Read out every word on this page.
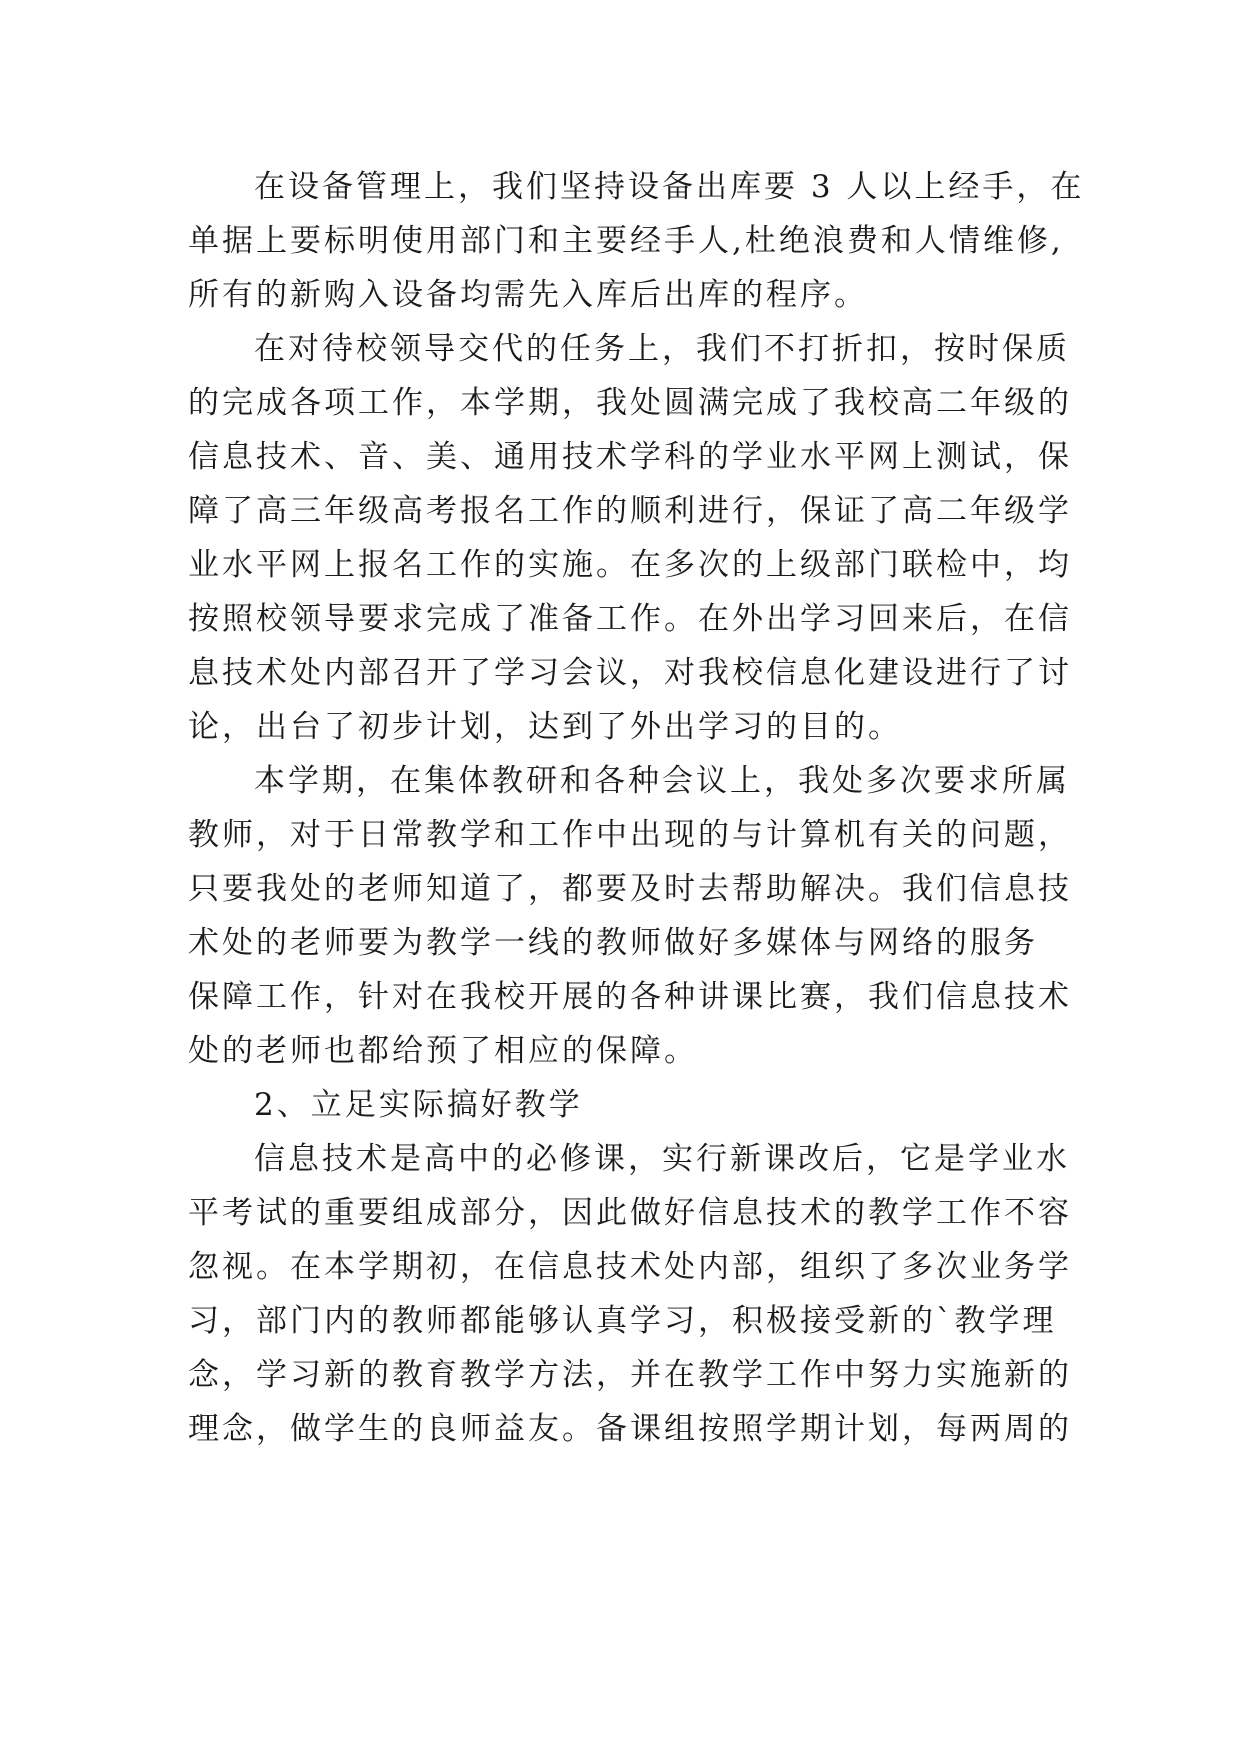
在设备管理上，我们坚持设备出库要 3 人以上经手，在
单据上要标明使用部门和主要经手人,杜绝浪费和人情维修,
所有的新购入设备均需先入库后出库的程序。
在对待校领导交代的任务上，我们不打折扣，按时保质
的完成各项工作，本学期，我处圆满完成了我校高二年级的
信息技术、音、美、通用技术学科的学业水平网上测试，保
障了高三年级高考报名工作的顺利进行，保证了高二年级学
业水平网上报名工作的实施。在多次的上级部门联检中，均
按照校领导要求完成了准备工作。在外出学习回来后，在信
息技术处内部召开了学习会议，对我校信息化建设进行了讨
论，出台了初步计划，达到了外出学习的目的。
本学期，在集体教研和各种会议上，我处多次要求所属
教师，对于日常教学和工作中出现的与计算机有关的问题，
只要我处的老师知道了，都要及时去帮助解决。我们信息技
术处的老师要为教学一线的教师做好多媒体与网络的服务
保障工作，针对在我校开展的各种讲课比赛，我们信息技术
处的老师也都给预了相应的保障。
2、立足实际搞好教学
信息技术是高中的必修课，实行新课改后，它是学业水
平考试的重要组成部分，因此做好信息技术的教学工作不容
忽视。在本学期初，在信息技术处内部，组织了多次业务学
习，部门内的教师都能够认真学习，积极接受新的`教学理
念，学习新的教育教学方法，并在教学工作中努力实施新的
理念，做学生的良师益友。备课组按照学期计划，每两周的
